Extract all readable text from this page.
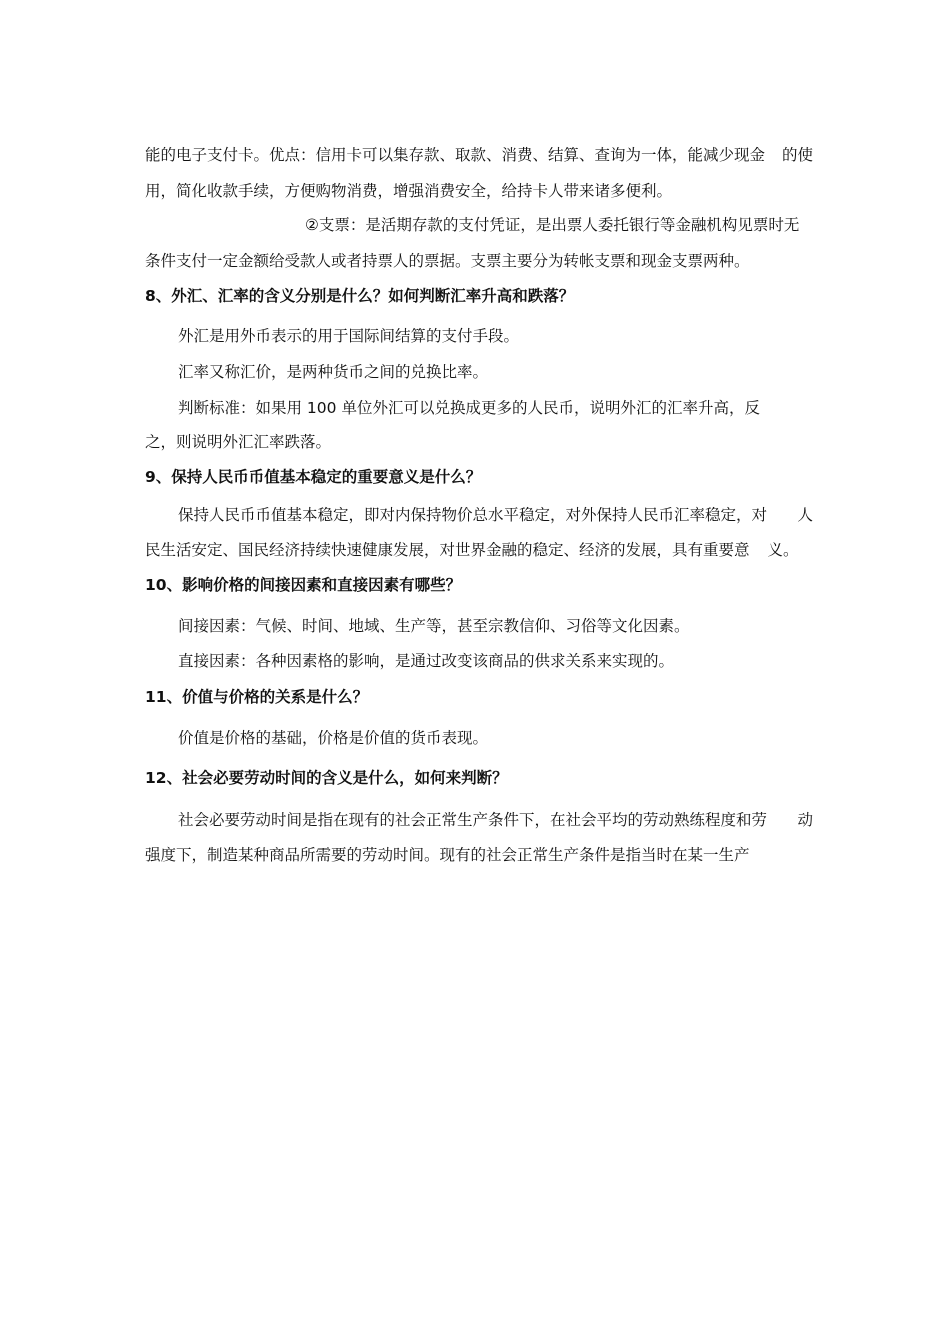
能的电子支付卡。优点：信用卡可以集存款、取款、消费、结算、查询为一体，能减少现金 的使
用，简化收款手续，方便购物消费，增强消费安全，给持卡人带来诸多便利。
②支票：是活期存款的支付凭证，是出票人委托银行等金融机构见票时无
条件支付一定金额给受款人或者持票人的票据。支票主要分为转帐支票和现金支票两种。
8、外汇、汇率的含义分别是什么？如何判断汇率升高和跌落？
外汇是用外币表示的用于国际间结算的支付手段。
汇率又称汇价，是两种货币之间的兑换比率。
判断标准：如果用 100 单位外汇可以兑换成更多的人民币，说明外汇的汇率升高，反
之，则说明外汇汇率跌落。
9、保持人民币币值基本稳定的重要意义是什么？
保持人民币币值基本稳定，即对内保持物价总水平稳定，对外保持人民币汇率稳定，对 人
民生活安定、国民经济持续快速健康发展，对世界金融的稳定、经济的发展，具有重要意 义。
10、影响价格的间接因素和直接因素有哪些？
间接因素：气候、时间、地域、生产等，甚至宗教信仰、习俗等文化因素。
直接因素：各种因素格的影响，是通过改变该商品的供求关系来实现的。
11、价值与价格的关系是什么？
价值是价格的基础，价格是价值的货币表现。
12、社会必要劳动时间的含义是什么，如何来判断？
社会必要劳动时间是指在现有的社会正常生产条件下，在社会平均的劳动熟练程度和劳 动
强度下，制造某种商品所需要的劳动时间。现有的社会正常生产条件是指当时在某一生产
